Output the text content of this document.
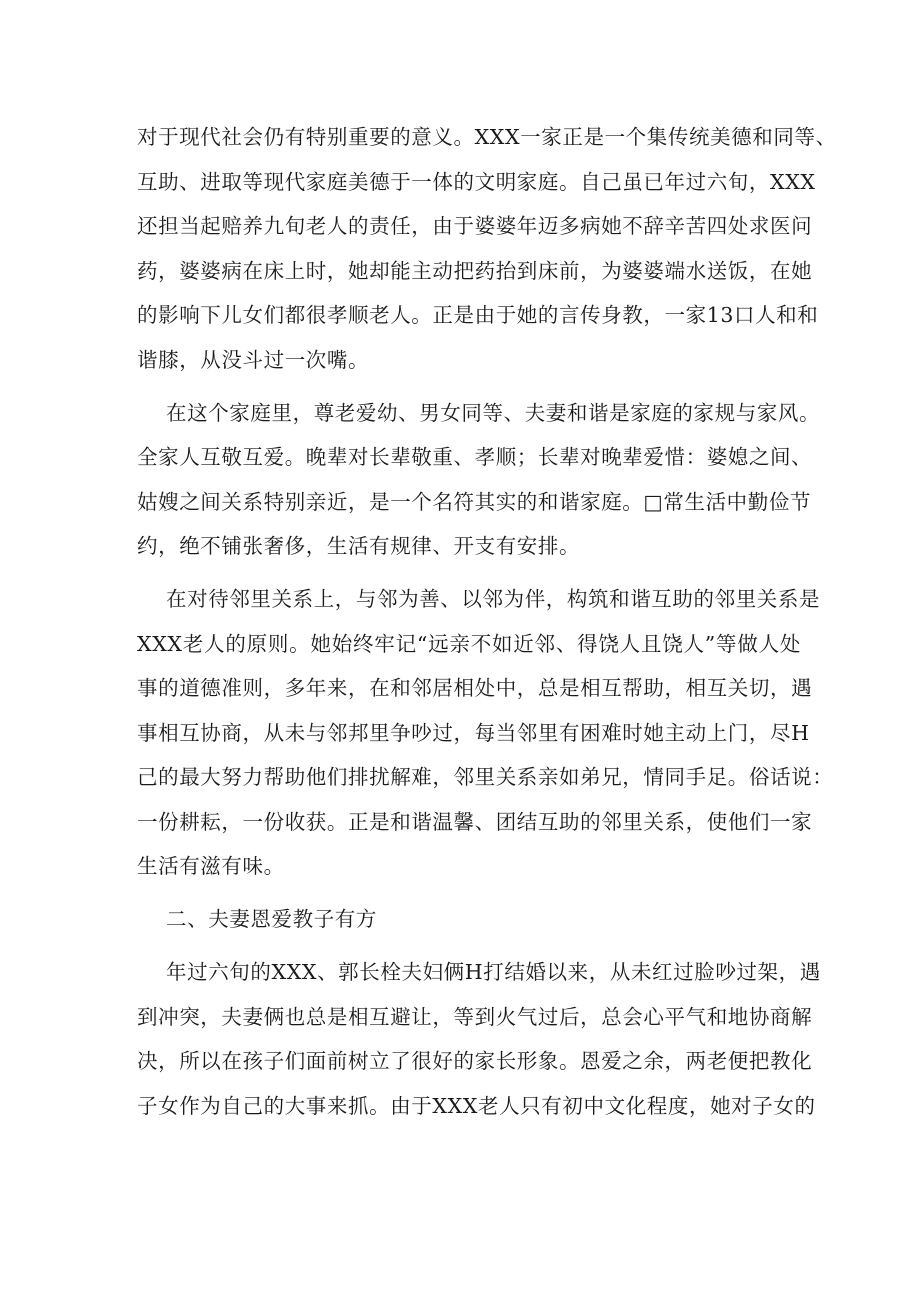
对于现代社会仍有特别重要的意义。XXX一家正是一个集传统美德和同等、
互助、进取等现代家庭美德于一体的文明家庭。自己虽已年过六旬，XXX
还担当起赔养九旬老人的责任，由于婆婆年迈多病她不辞辛苦四处求医问
药，婆婆病在床上时，她却能主动把药抬到床前，为婆婆端水送饭，在她
的影响下儿女们都很孝顺老人。正是由于她的言传身教，一家13口人和和
谐膝，从没斗过一次嘴。
在这个家庭里，尊老爱幼、男女同等、夫妻和谐是家庭的家规与家风。
全家人互敬互爱。晚辈对长辈敬重、孝顺；长辈对晚辈爱惜：婆媳之间、
姑嫂之间关系特别亲近，是一个名符其实的和谐家庭。□常生活中勤俭节
约，绝不铺张奢侈，生活有规律、开支有安排。
在对待邻里关系上，与邻为善、以邻为伴，构筑和谐互助的邻里关系是
XXX老人的原则。她始终牢记“远亲不如近邻、得饶人且饶人”等做人处
事的道德准则，多年来，在和邻居相处中，总是相互帮助，相互关切，遇
事相互协商，从未与邻邦里争吵过，每当邻里有困难时她主动上门，尽H
己的最大努力帮助他们排扰解难，邻里关系亲如弟兄，情同手足。俗话说：
一份耕耘，一份收获。正是和谐温馨、团结互助的邻里关系，使他们一家
生活有滋有味。
二、夫妻恩爱教子有方
年过六旬的XXX、郭长栓夫妇俩H打结婚以来，从未红过脸吵过架，遇
到冲突，夫妻俩也总是相互避让，等到火气过后，总会心平气和地协商解
决，所以在孩子们面前树立了很好的家长形象。恩爱之余，两老便把教化
子女作为自己的大事来抓。由于XXX老人只有初中文化程度，她对子女的
